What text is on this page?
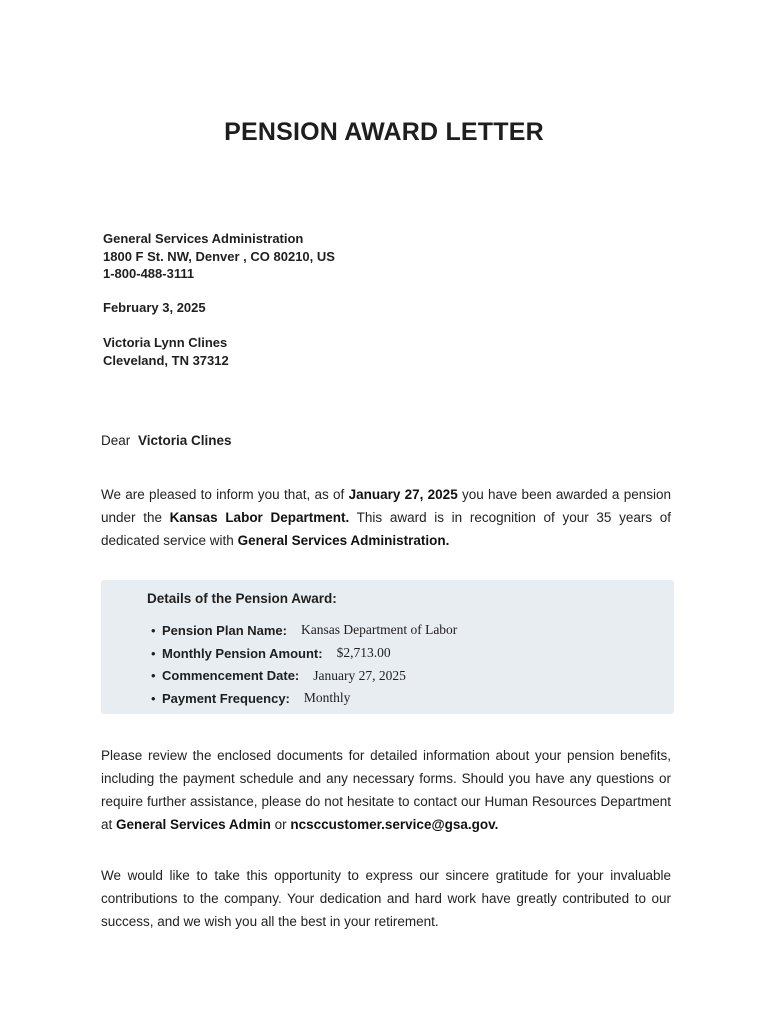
PENSION AWARD LETTER
General Services Administration
1800 F St. NW, Denver , CO 80210, US
1-800-488-3111
February 3, 2025
Victoria Lynn Clines
Cleveland, TN 37312
Dear Victoria Clines

We are pleased to inform you that, as of January 27, 2025 you have been awarded a pension under the Kansas Labor Department. This award is in recognition of your 35 years of dedicated service with General Services Administration.

Details of the Pension Award:
• Pension Plan Name: Kansas Department of Labor
• Monthly Pension Amount: $2,713.00
• Commencement Date: January 27, 2025
• Payment Frequency: Monthly

Please review the enclosed documents for detailed information about your pension benefits, including the payment schedule and any necessary forms. Should you have any questions or require further assistance, please do not hesitate to contact our Human Resources Department at General Services Admin or ncsccustomer.service@gsa.gov.

We would like to take this opportunity to express our sincere gratitude for your invaluable contributions to the company. Your dedication and hard work have greatly contributed to our success, and we wish you all the best in your retirement.
